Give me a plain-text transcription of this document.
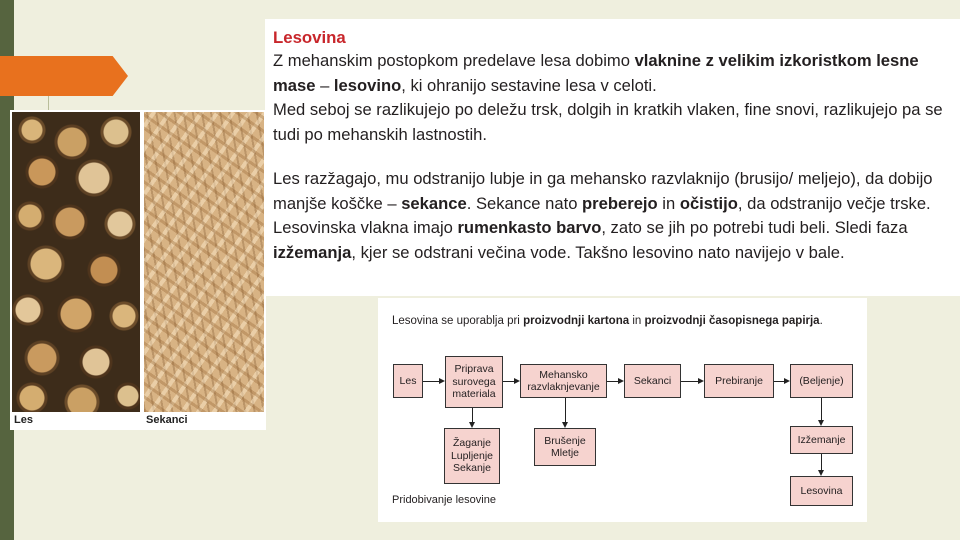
Les	Sekanci
Lesovina

Z mehanskim postopkom predelave lesa dobimo vlaknine z velikim izkoristkom lesne mase – lesovino, ki ohranijo sestavine lesa v celoti.

Med seboj se razlikujejo po deležu trsk, dolgih in kratkih vlaken, fine snovi, razlikujejo pa se tudi po mehanskih lastnostih.

Les razžagajo, mu odstranijo lubje in ga mehansko razvlaknijo (brusijo/ meljejo), da dobijo manjše koščke – sekance. Sekance nato preberejo in očistijo, da odstranijo večje trske. Lesovinska vlakna imajo rumenkasto barvo, zato se jih po potrebi tudi beli. Sledi faza izžemanja, kjer se odstrani večina vode. Takšno lesovino nato navijejo v bale.

Lesovina se uporablja pri proizvodnji kartona in proizvodnji časopisnega papirja.
Les
Priprava
surovega
materiala
Mehansko
razvlaknjevanje
Sekanci	Prebiranje	(Beljenje)
Žaganje
Lupljenje
Sekanje
Brušenje
Mletje
Izžemanje
Lesovina
Pridobivanje lesovine
